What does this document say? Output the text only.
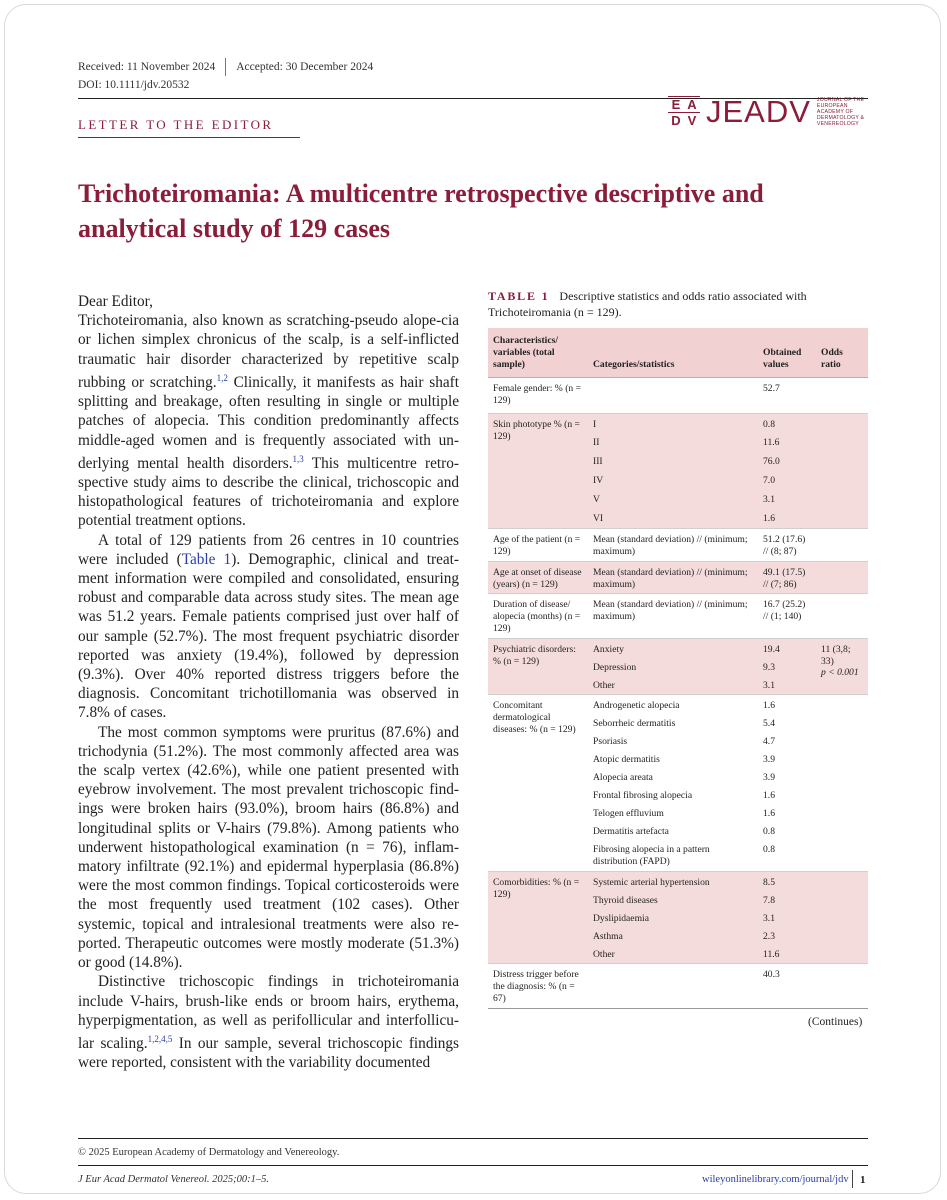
Received: 11 November 2024 Accepted: 30 December 2024
DOI: 10.1111/jdv.20532
E A
D V JEADV JOURNAL OF THE EUROPEAN ACADEMY OF DERMATOLOGY & VENEREOLOGY
LETTER TO THE EDITOR
Trichoteiromania: A multicentre retrospective descriptive and analytical study of 129 cases

Dear Editor,

Trichoteiromania, also known as scratching-pseudo alope-cia or lichen simplex chronicus of the scalp, is a self-inflicted traumatic hair disorder characterized by repetitive scalp rubbing or scratching.$^{1,2}$ Clinically, it manifests as hair shaft splitting and breakage, often resulting in single or multiple patches of alopecia. This condition predominantly affects middle-aged women and is frequently associated with un-derlying mental health disorders.$^{1,3}$ This multicentre retro-spective study aims to describe the clinical, trichoscopic and histopathological features of trichoteiromania and explore potential treatment options.

A total of 129 patients from 26 centres in 10 countries were included (Table 1). Demographic, clinical and treat-ment information were compiled and consolidated, ensuring robust and comparable data across study sites. The mean age was 51.2 years. Female patients comprised just over half of our sample (52.7%). The most frequent psychiatric disorder reported was anxiety (19.4%), followed by depression (9.3%). Over 40% reported distress triggers before the diagnosis. Concomitant trichotillomania was observed in 7.8% of cases.

The most common symptoms were pruritus (87.6%) and trichodynia (51.2%). The most commonly affected area was the scalp vertex (42.6%), while one patient presented with eyebrow involvement. The most prevalent trichoscopic find-ings were broken hairs (93.0%), broom hairs (86.8%) and longitudinal splits or V-hairs (79.8%). Among patients who underwent histopathological examination (n = 76), inflam-matory infiltrate (92.1%) and epidermal hyperplasia (86.8%) were the most common findings. Topical corticosteroids were the most frequently used treatment (102 cases). Other systemic, topical and intralesional treatments were also re-ported. Therapeutic outcomes were mostly moderate (51.3%) or good (14.8%).

Distinctive trichoscopic findings in trichoteiromania include V-hairs, brush-like ends or broom hairs, erythema, hyperpigmentation, as well as perifollicular and interfollicu-lar scaling.$^{1,2,4,5}$ In our sample, several trichoscopic findings were reported, consistent with the variability documented

TABLE 1 Descriptive statistics and odds ratio associated with Trichoteiromania (n = 129).
Characteristics/ variables (total sample)	Categories/statistics	Obtained values	Odds ratio
Female gender: % (n = 129)		52.7	
Skin phototype % (n = 129)	I	0.8	
	II	11.6	
	III	76.0	
	IV	7.0	
	V	3.1	
	VI	1.6	
Age of the patient (n = 129)	Mean (standard deviation) // (minimum; maximum)	51.2 (17.6) // (8; 87)	
Age at onset of disease (years) (n = 129)	Mean (standard deviation) // (minimum; maximum)	49.1 (17.5) // (7; 86)	
Duration of disease/ alopecia (months) (n = 129)	Mean (standard deviation) // (minimum; maximum)	16.7 (25.2) // (1; 140)	
Psychiatric disorders: % (n = 129)	Anxiety	19.4	11 (3,8; 33)
p < 0.001
	Depression	9.3	
	Other	3.1	
Concomitant dermatological diseases: % (n = 129)	Androgenetic alopecia	1.6	
	Seborrheic dermatitis	5.4	
	Psoriasis	4.7	
	Atopic dermatitis	3.9	
	Alopecia areata	3.9	
	Frontal fibrosing alopecia	1.6	
	Telogen effluvium	1.6	
	Dermatitis artefacta	0.8	
	Fibrosing alopecia in a pattern distribution (FAPD)	0.8	
Comorbidities: % (n = 129)	Systemic arterial hypertension	8.5	
	Thyroid diseases	7.8	
	Dyslipidaemia	3.1	
	Asthma	2.3	
	Other	11.6	
Distress trigger before the diagnosis: % (n = 67)		40.3	
(Continues)
© 2025 European Academy of Dermatology and Venereology.
J Eur Acad Dermatol Venereol. 2025;00:1–5.	wileyonlinelibrary.com/journal/jdv 1
